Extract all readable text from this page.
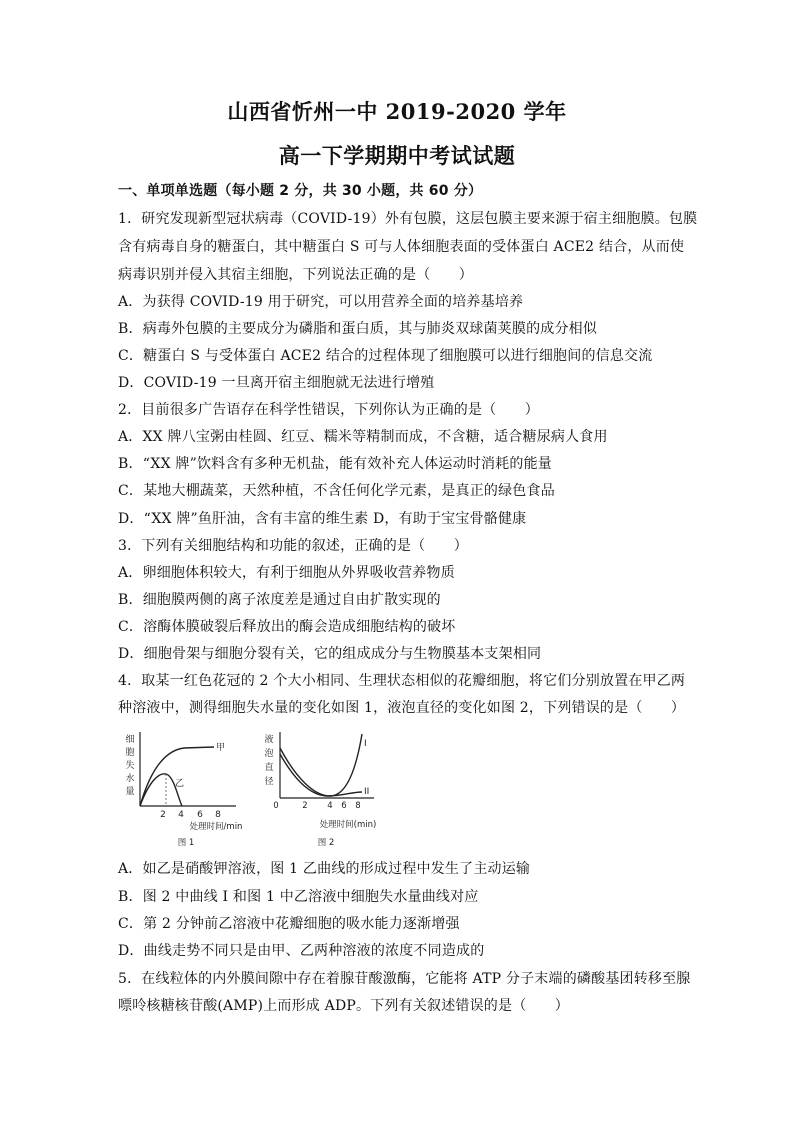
山西省忻州一中 2019-2020 学年
高一下学期期中考试试题
一、单项单选题（每小题 2 分，共 30 小题，共 60 分）
1．研究发现新型冠状病毒（COVID-19）外有包膜，这层包膜主要来源于宿主细胞膜。包膜
含有病毒自身的糖蛋白，其中糖蛋白 S 可与人体细胞表面的受体蛋白 ACE2 结合，从而使
病毒识别并侵入其宿主细胞，下列说法正确的是（　　）
A．为获得 COVID-19 用于研究，可以用营养全面的培养基培养
B．病毒外包膜的主要成分为磷脂和蛋白质，其与肺炎双球菌荚膜的成分相似
C．糖蛋白 S 与受体蛋白 ACE2 结合的过程体现了细胞膜可以进行细胞间的信息交流
D．COVID-19 一旦离开宿主细胞就无法进行增殖
2．目前很多广告语存在科学性错误，下列你认为正确的是（　　）
A．XX 牌八宝粥由桂圆、红豆、糯米等精制而成，不含糖，适合糖尿病人食用
B．“XX 牌”饮料含有多种无机盐，能有效补充人体运动时消耗的能量
C．某地大棚蔬菜，天然种植，不含任何化学元素，是真正的绿色食品
D．“XX 牌”鱼肝油，含有丰富的维生素 D，有助于宝宝骨骼健康
3．下列有关细胞结构和功能的叙述，正确的是（　　）
A．卵细胞体积较大，有利于细胞从外界吸收营养物质
B．细胞膜两侧的离子浓度差是通过自由扩散实现的
C．溶酶体膜破裂后释放出的酶会造成细胞结构的破坏
D．细胞骨架与细胞分裂有关，它的组成成分与生物膜基本支架相同
4．取某一红色花冠的 2 个大小相同、生理状态相似的花瓣细胞，将它们分别放置在甲乙两
种溶液中，测得细胞失水量的变化如图 1，液泡直径的变化如图 2，下列错误的是（　　）
细
胞
失
水
量
甲
乙
2 4 6 8
处理时间/min
图 1
液
泡
直
径
I
II
0	2 4 6 8
处理时间(min)
图 2
A．如乙是硝酸钾溶液，图 1 乙曲线的形成过程中发生了主动运输
B．图 2 中曲线 I 和图 1 中乙溶液中细胞失水量曲线对应
C．第 2 分钟前乙溶液中花瓣细胞的吸水能力逐渐增强
D．曲线走势不同只是由甲、乙两种溶液的浓度不同造成的
5．在线粒体的内外膜间隙中存在着腺苷酸激酶，它能将 ATP 分子末端的磷酸基团转移至腺
嘌呤核糖核苷酸(AMP)上而形成 ADP。下列有关叙述错误的是（　　）
